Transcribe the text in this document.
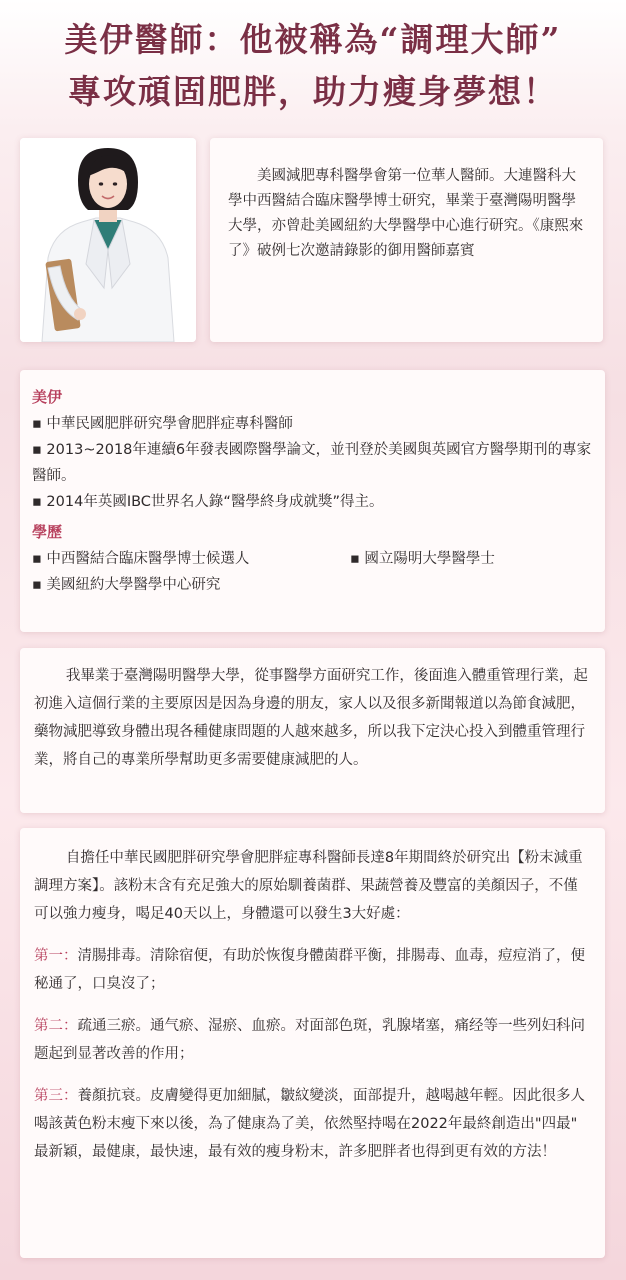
美伊醫師：他被稱為“調理大師”
專攻頑固肥胖，助力瘦身夢想！

美國減肥專科醫學會第一位華人醫師。大連醫科大學中西醫結合臨床醫學博士研究，畢業于臺灣陽明醫學大學，亦曾赴美國紐約大學醫學中心進行研究。《康熙來了》破例七次邀請錄影的御用醫師嘉賓

美伊

▪ 中華民國肥胖研究學會肥胖症專科醫師

▪ 2013~2018年連續6年發表國際醫學論文，並刊登於美國與英國官方醫學期刊的專家醫師。

▪ 2014年英國IBC世界名人錄“醫學終身成就獎”得主。

學歷

▪ 中西醫結合臨床醫學博士候選人	▪ 國立陽明大學醫學士

▪ 美國紐約大學醫學中心研究

我畢業于臺灣陽明醫學大學，從事醫學方面研究工作，後面進入體重管理行業，起初進入這個行業的主要原因是因為身邊的朋友，家人以及很多新聞報道以為節食減肥，藥物減肥導致身體出現各種健康問題的人越來越多，所以我下定決心投入到體重管理行業，將自己的專業所學幫助更多需要健康減肥的人。

自擔任中華民國肥胖研究學會肥胖症專科醫師長達8年期間終於研究出【粉末減重調理方案】。該粉末含有充足強大的原始馴養菌群、果蔬營養及豐富的美顏因子，不僅可以強力瘦身，喝足40天以上，身體還可以發生3大好處：

第一：清腸排毒。清除宿便，有助於恢復身體菌群平衡，排腸毒、血毒，痘痘消了，便秘通了，口臭沒了；

第二：疏通三瘀。通气瘀、湿瘀、血瘀。对面部色斑，乳腺堵塞，痛经等一些列妇科问题起到显著改善的作用；

第三：養顏抗衰。皮膚變得更加細膩，皺紋變淡，面部提升，越喝越年輕。因此很多人喝該黃色粉末瘦下來以後，為了健康為了美，依然堅持喝在2022年最終創造出"四最" 最新穎，最健康，最快速，最有效的瘦身粉末，許多肥胖者也得到更有效的方法！
